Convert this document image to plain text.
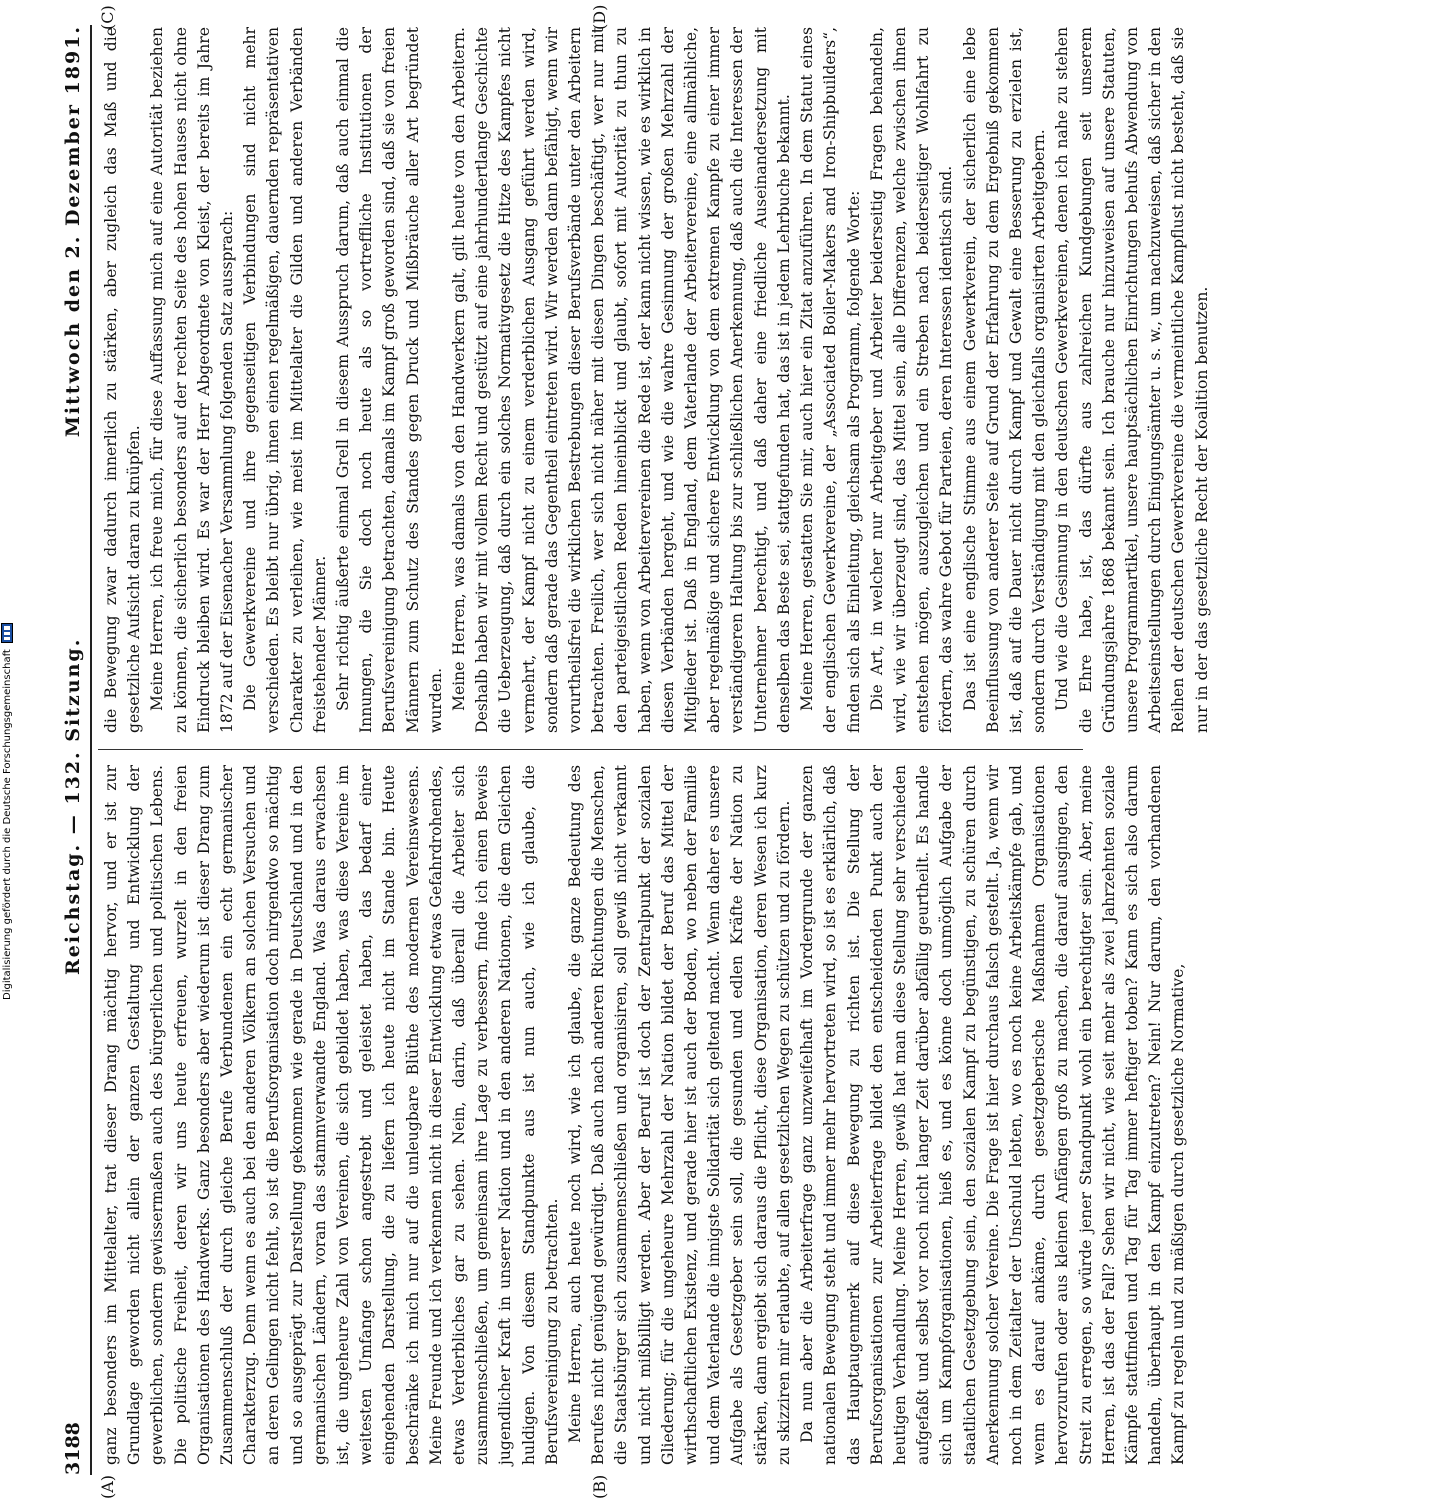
3188
Reichstag. — 132. Sitzung.
Mittwoch den 2. Dezember 1891.
(A)	(B)
(C)	(D)

ganz besonders im Mittelalter, trat dieser Drang mächtig hervor, und er ist zur Grundlage geworden nicht allein der ganzen Gestaltung und Entwicklung der gewerblichen, sondern gewissermaßen auch des bürgerlichen und politischen Lebens. Die politische Freiheit, deren wir uns heute erfreuen, wurzelt in den freien Organisationen des Handwerks. Ganz besonders aber wiederum ist dieser Drang zum Zusammenschluß der durch gleiche Berufe Verbundenen ein echt germanischer Charakterzug. Denn wenn es auch bei den anderen Völkern an solchen Versuchen und an deren Gelingen nicht fehlt, so ist die Berufsorganisation doch nirgendwo so mächtig und so ausgeprägt zur Darstellung gekommen wie gerade in Deutschland und in den germanischen Ländern, voran das stammverwandte England. Was daraus erwachsen ist, die ungeheure Zahl von Vereinen, die sich gebildet haben, was diese Vereine im weitesten Umfange schon angestrebt und geleistet haben, das bedarf einer eingehenden Darstellung, die zu liefern ich heute nicht im Stande bin. Heute beschränke ich mich nur auf die unleugbare Blüthe des modernen Vereinswesens. Meine Freunde und ich verkennen nicht in dieser Entwicklung etwas Gefahrdrohendes, etwas Verderbliches gar zu sehen. Nein, darin, daß überall die Arbeiter sich zusammenschließen, um gemeinsam ihre Lage zu verbessern, finde ich einen Beweis jugendlicher Kraft in unserer Nation und in den anderen Nationen, die dem Gleichen huldigen. Von diesem Standpunkte aus ist nun auch, wie ich glaube, die Berufsvereinigung zu betrachten. Meine Herren, auch heute noch wird, wie ich glaube, die ganze Bedeutung des Berufes nicht genügend gewürdigt. Daß auch nach anderen Richtungen die Menschen, die Staatsbürger sich zusammenschließen und organisiren, soll gewiß nicht verkannt und nicht mißbilligt werden. Aber der Beruf ist doch der Zentralpunkt der sozialen Gliederung; für die ungeheure Mehrzahl der Nation bildet der Beruf das Mittel der wirthschaftlichen Existenz, und gerade hier ist auch der Boden, wo neben der Familie und dem Vaterlande die innigste Solidarität sich geltend macht. Wenn daher es unsere Aufgabe als Gesetzgeber sein soll, die gesunden und edlen Kräfte der Nation zu stärken, dann ergiebt sich daraus die Pflicht, diese Organisation, deren Wesen ich kurz zu skizziren mir erlaubte, auf allen gesetzlichen Wegen zu schützen und zu fördern. Da nun aber die Arbeiterfrage ganz unzweifelhaft im Vordergrunde der ganzen nationalen Bewegung steht und immer mehr hervortreten wird, so ist es erklärlich, daß das Hauptaugenmerk auf diese Bewegung zu richten ist. Die Stellung der Berufsorganisationen zur Arbeiterfrage bildet den entscheidenden Punkt auch der heutigen Verhandlung. Meine Herren, gewiß hat man diese Stellung sehr verschieden aufgefaßt und selbst vor noch nicht langer Zeit darüber abfällig geurtheilt. Es handle sich um Kampforganisationen, hieß es, und es könne doch unmöglich Aufgabe der staatlichen Gesetzgebung sein, den sozialen Kampf zu begünstigen, zu schüren durch Anerkennung solcher Vereine. Die Frage ist hier durchaus falsch gestellt. Ja, wenn wir noch in dem Zeitalter der Unschuld lebten, wo es noch keine Arbeitskämpfe gab, und wenn es darauf ankäme, durch gesetzgeberische Maßnahmen Organisationen hervorzurufen oder aus kleinen Anfängen groß zu machen, die darauf ausgingen, den Streit zu erregen, so würde jener Standpunkt wohl ein berechtigter sein. Aber, meine Herren, ist das der Fall? Sehen wir nicht, wie seit mehr als zwei Jahrzehnten soziale Kämpfe stattfinden und Tag für Tag immer heftiger toben? Kann es sich also darum handeln, überhaupt in den Kampf einzutreten? Nein! Nur darum, den vorhandenen Kampf zu regeln und zu mäßigen durch gesetzliche Normative,

die Bewegung zwar dadurch innerlich zu stärken, aber zugleich das Maß und die gesetzliche Aufsicht daran zu knüpfen. Meine Herren, ich freue mich, für diese Auffassung mich auf eine Autorität beziehen zu können, die sicherlich besonders auf der rechten Seite des hohen Hauses nicht ohne Eindruck bleiben wird. Es war der Herr Abgeordnete von Kleist, der bereits im Jahre 1872 auf der Eisenacher Versammlung folgenden Satz aussprach: Die Gewerkvereine und ihre gegenseitigen Verbindungen sind nicht mehr verschieden. Es bleibt nur übrig, ihnen einen regelmäßigen, dauernden repräsentativen Charakter zu verleihen, wie meist im Mittelalter die Gilden und anderen Verbänden freistehender Männer. Sehr richtig äußerte einmal Grell in diesem Ausspruch darum, daß auch einmal die Innungen, die Sie doch noch heute als so vortreffliche Institutionen der Berufsvereinigung betrachten, damals im Kampf groß geworden sind, daß sie von freien Männern zum Schutz des Standes gegen Druck und Mißbräuche aller Art begründet wurden. Meine Herren, was damals von den Handwerkern galt, gilt heute von den Arbeitern. Deshalb haben wir mit vollem Recht und gestützt auf eine jahrhundertlange Geschichte die Ueberzeugung, daß durch ein solches Normativgesetz die Hitze des Kampfes nicht vermehrt, der Kampf nicht zu einem verderblichen Ausgang geführt werden wird, sondern daß gerade das Gegentheil eintreten wird. Wir werden dann befähigt, wenn wir vorurtheilsfrei die wirklichen Bestrebungen dieser Berufsverbände unter den Arbeitern betrachten. Freilich, wer sich nicht näher mit diesen Dingen beschäftigt, wer nur mit den parteigeistlichen Reden hineinblickt und glaubt, sofort mit Autorität zu thun zu haben, wenn von Arbeitervereinen die Rede ist, der kann nicht wissen, wie es wirklich in diesen Verbänden hergeht, und wie die wahre Gesinnung der großen Mehrzahl der Mitglieder ist. Daß in England, dem Vaterlande der Arbeitervereine, eine allmähliche, aber regelmäßige und sichere Entwicklung von dem extremen Kampfe zu einer immer verständigeren Haltung bis zur schließlichen Anerkennung, daß auch die Interessen der Unternehmer berechtigt, und daß daher eine friedliche Auseinandersetzung mit denselben das Beste sei, stattgefunden hat, das ist in jedem Lehrbuche bekannt. Meine Herren, gestatten Sie mir, auch hier ein Zitat anzuführen. In dem Statut eines der englischen Gewerkvereine, der „Associated Boiler-Makers and Iron-Shipbuilders“, finden sich als Einleitung, gleichsam als Programm, folgende Worte: Die Art, in welcher nur Arbeitgeber und Arbeiter beiderseitig Fragen behandeln, wird, wie wir überzeugt sind, das Mittel sein, alle Differenzen, welche zwischen ihnen entstehen mögen, auszugleichen und ein Streben nach beiderseitiger Wohlfahrt zu fördern, das wahre Gebot für Parteien, deren Interessen identisch sind. Das ist eine englische Stimme aus einem Gewerkverein, der sicherlich eine lebe Beeinflussung von anderer Seite auf Grund der Erfahrung zu dem Ergebniß gekommen ist, daß auf die Dauer nicht durch Kampf und Gewalt eine Besserung zu erzielen ist, sondern durch Verständigung mit den gleichfalls organisirten Arbeitgebern. Und wie die Gesinnung in den deutschen Gewerkvereinen, denen ich nahe zu stehen die Ehre habe, ist, das dürfte aus zahlreichen Kundgebungen seit unserem Gründungsjahre 1868 bekannt sein. Ich brauche nur hinzuweisen auf unsere Statuten, unsere Programmartikel, unsere hauptsächlichen Einrichtungen behufs Abwendung von Arbeitseinstellungen durch Einigungsämter u. s. w., um nachzuweisen, daß sicher in den Reihen der deutschen Gewerkvereine die vermeintliche Kampflust nicht besteht, daß sie nur in der das gesetzliche Recht der Koalition benutzen.

Digitalisierung gefördert durch die Deutsche Forschungsgemeinschaft
